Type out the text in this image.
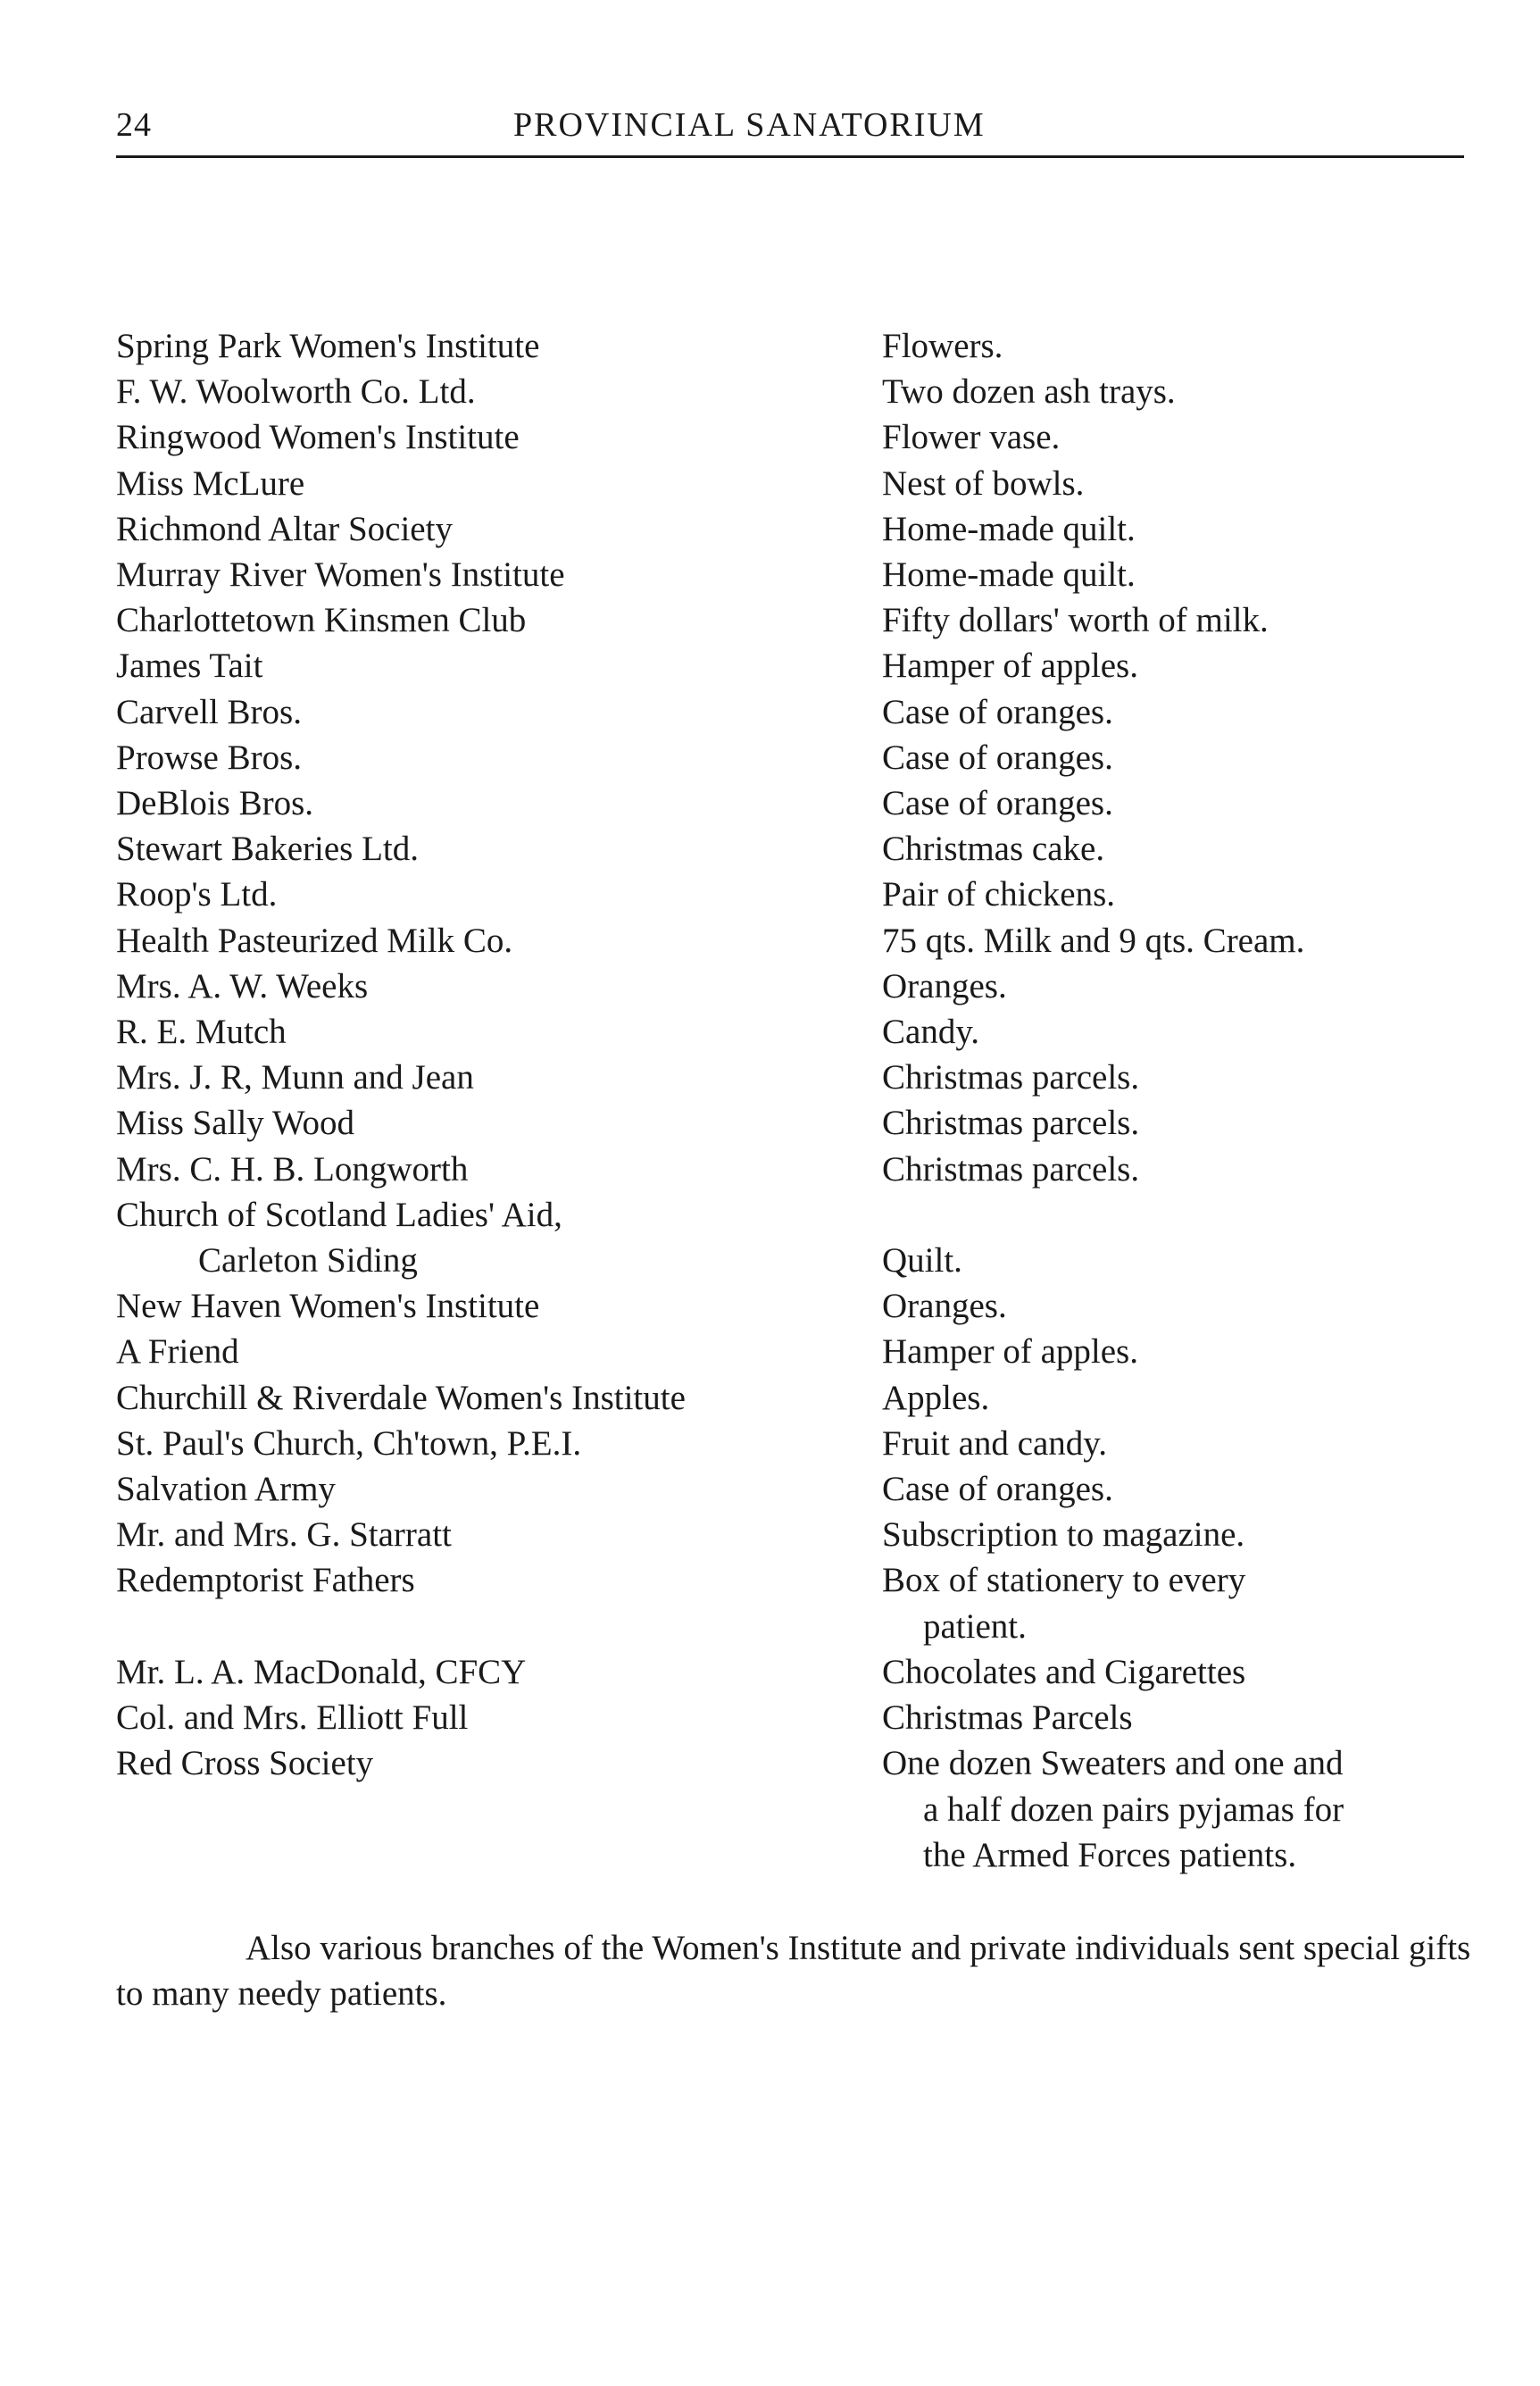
24	PROVINCIAL SANATORIUM
Spring Park Women's Institute	Flowers.
F. W. Woolworth Co. Ltd.	Two dozen ash trays.
Ringwood Women's Institute	Flower vase.
Miss McLure	Nest of bowls.
Richmond Altar Society	Home-made quilt.
Murray River Women's Institute	Home-made quilt.
Charlottetown Kinsmen Club	Fifty dollars' worth of milk.
James Tait	Hamper of apples.
Carvell Bros.	Case of oranges.
Prowse Bros.	Case of oranges.
DeBlois Bros.	Case of oranges.
Stewart Bakeries Ltd.	Christmas cake.
Roop's Ltd.	Pair of chickens.
Health Pasteurized Milk Co.	75 qts. Milk and 9 qts. Cream.
Mrs. A. W. Weeks	Oranges.
R. E. Mutch	Candy.
Mrs. J. R, Munn and Jean	Christmas parcels.
Miss Sally Wood	Christmas parcels.
Mrs. C. H. B. Longworth	Christmas parcels.
Church of Scotland Ladies' Aid,

Carleton Siding	Quilt.
New Haven Women's Institute	Oranges.
A Friend	Hamper of apples.
Churchill & Riverdale Women's Institute	Apples.
St. Paul's Church, Ch'town, P.E.I.	Fruit and candy.
Salvation Army	Case of oranges.
Mr. and Mrs. G. Starratt	Subscription to magazine.
Redemptorist Fathers	Box of stationery to every
patient.
Mr. L. A. MacDonald, CFCY	Chocolates and Cigarettes
Col. and Mrs. Elliott Full	Christmas Parcels
Red Cross Society	One dozen Sweaters and one and
a half dozen pairs pyjamas for
the Armed Forces patients.

Also various branches of the Women's Institute and private individuals sent special gifts to many needy patients.
